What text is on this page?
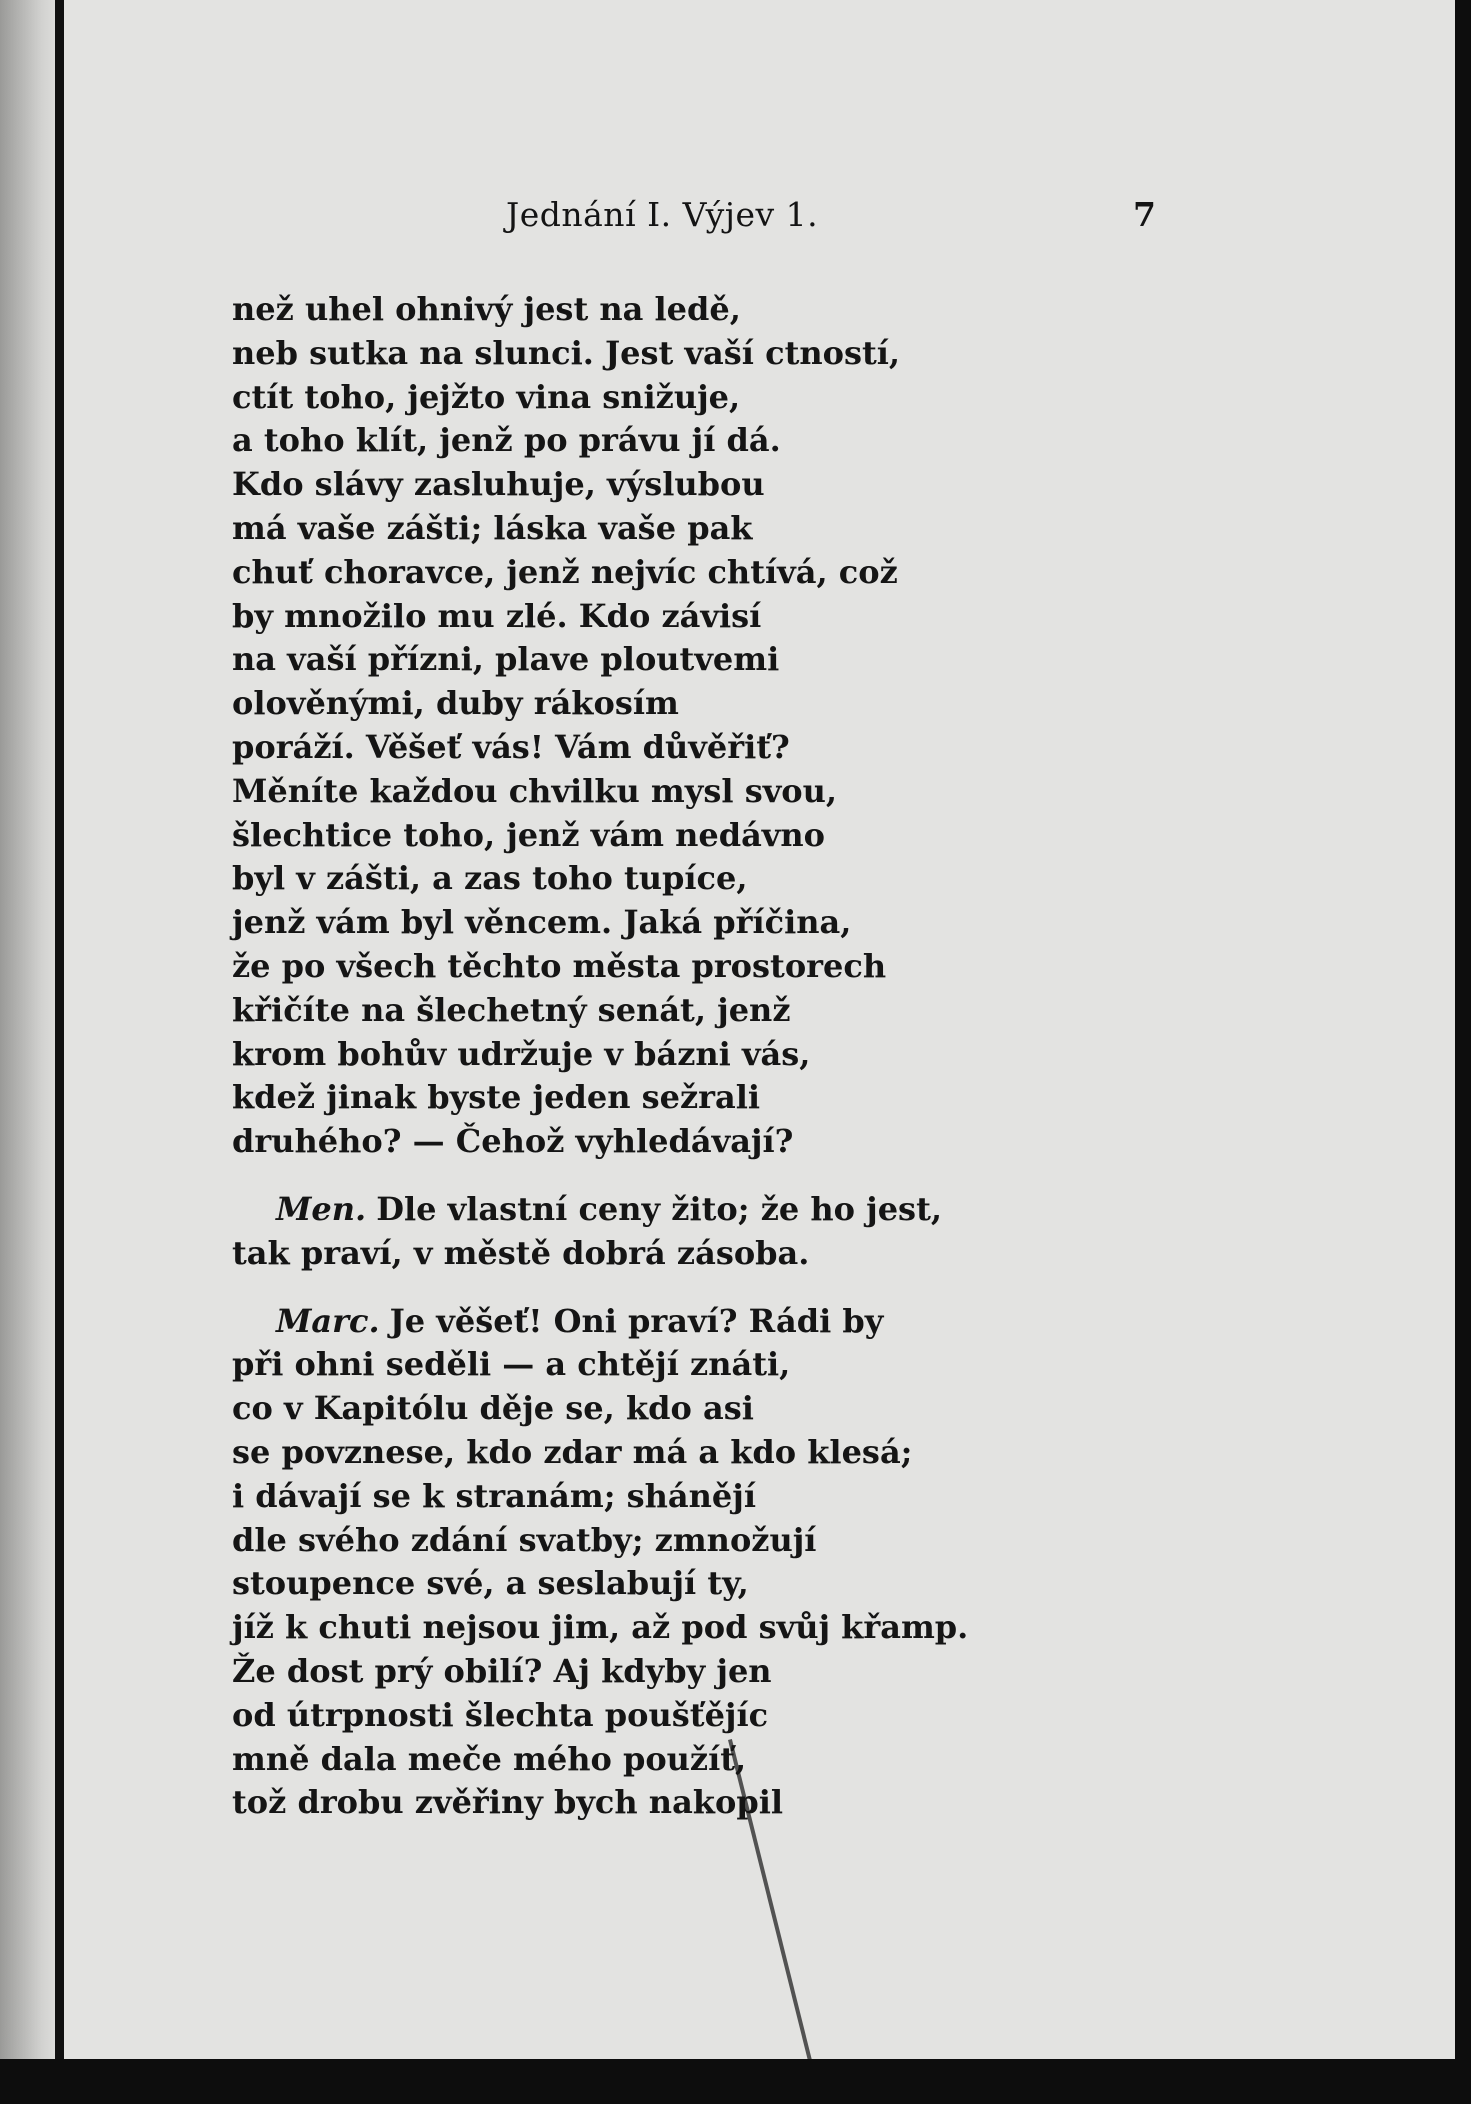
Jednání I. Výjev 1.	7
než uhel ohnivý jest na ledě,
neb sutka na slunci. Jest vaší ctností,
ctít toho, jejžto vina snižuje,
a toho klít, jenž po právu jí dá.
Kdo slávy zasluhuje, výslubou
má vaše zášti; láska vaše pak
chuť choravce, jenž nejvíc chtívá, což
by množilo mu zlé. Kdo závisí
na vaší přízni, plave ploutvemi
olověnými, duby rákosím
poráží. Věšeť vás! Vám důvěřiť?
Měníte každou chvilku mysl svou,
šlechtice toho, jenž vám nedávno
byl v zášti, a zas toho tupíce,
jenž vám byl věncem. Jaká příčina,
že po všech těchto města prostorech
křičíte na šlechetný senát, jenž
krom bohův udržuje v bázni vás,
kdež jinak byste jeden sežrali
druhého? — Čehož vyhledávají?
Men. Dle vlastní ceny žito; že ho jest,
tak praví, v městě dobrá zásoba.
Marc. Je věšeť! Oni praví? Rádi by
při ohni seděli — a chtějí znáti,
co v Kapitólu děje se, kdo asi
se povznese, kdo zdar má a kdo klesá;
i dávají se k stranám; shánějí
dle svého zdání svatby; zmnožují
stoupence své, a seslabují ty,
jíž k chuti nejsou jim, až pod svůj křamp.
Že dost prý obilí? Aj kdyby jen
od útrpnosti šlechta poušťějíc
mně dala meče mého použíť,
tož drobu zvěřiny bych nakopil
